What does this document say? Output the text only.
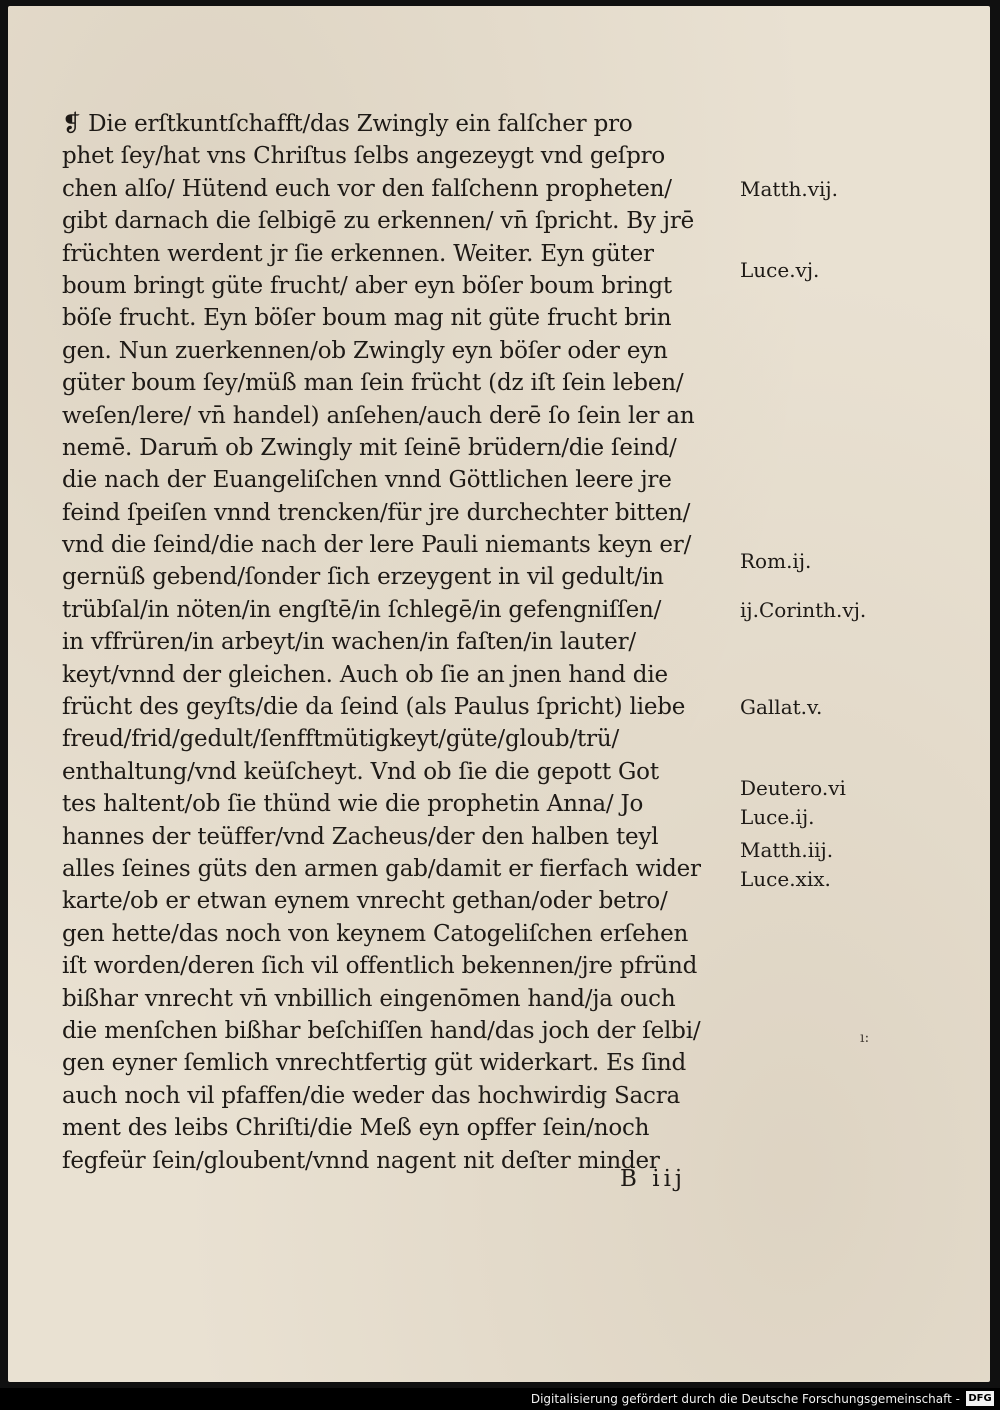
❡ Die erſtkuntſchafft/das Zwingly ein falſcher pro
phet ſey/hat vns Chriſtus ſelbs angezeygt vnd geſpro
chen alſo/ Hütend euch vor den falſchenn propheten/
gibt darnach die ſelbigē zu erkennen/ vn̄ ſpricht. By jrē
früchten werdent jr ſie erkennen. Weiter. Eyn güter
boum bringt güte frucht/ aber eyn böſer boum bringt
böſe frucht. Eyn böſer boum mag nit güte frucht brin
gen. Nun zuerkennen/ob Zwingly eyn böſer oder eyn
güter boum ſey/müß man ſein frücht (dz iſt ſein leben/
weſen/lere/ vn̄ handel) anſehen/auch derē ſo ſein ler an
nemē. Darum̄ ob Zwingly mit ſeinē brüdern/die ſeind/
die nach der Euangeliſchen vnnd Göttlichen leere jre
feind ſpeiſen vnnd trencken/für jre durchechter bitten/
vnd die ſeind/die nach der lere Pauli niemants keyn er/
gernüß gebend/ſonder ſich erzeygent in vil gedult/in
trübſal/in nöten/in engſtē/in ſchlegē/in gefengniſſen/
in vffrüren/in arbeyt/in wachen/in faſten/in lauter/
keyt/vnnd der gleichen. Auch ob ſie an jnen hand die
frücht des geyſts/die da ſeind (als Paulus ſpricht) liebe
freud/frid/gedult/ſenfftmütigkeyt/güte/gloub/trü/
enthaltung/vnd keüſcheyt. Vnd ob ſie die gepott Got
tes haltent/ob ſie thünd wie die prophetin Anna/ Jo
hannes der teüffer/vnd Zacheus/der den halben teyl
alles ſeines güts den armen gab/damit er fierfach wider
karte/ob er etwan eynem vnrecht gethan/oder betro/
gen hette/das noch von keynem Catogeliſchen erſehen
iſt worden/deren ſich vil offentlich bekennen/jre pfründ
bißhar vnrecht vn̄ vnbillich eingenōmen hand/ja ouch
die menſchen bißhar beſchiſſen hand/das joch der ſelbi/
gen eyner ſemlich vnrechtfertig güt widerkart. Es ſind
auch noch vil pfaffen/die weder das hochwirdig Sacra
ment des leibs Chriſti/die Meß eyn opffer ſein/noch
fegfeür ſein/gloubent/vnnd nagent nit deſter minder
Matth.vij.
Luce.vj.
Rom.ij.
ij.Corinth.vj.
Gallat.v.
Deutero.vi
Luce.ij.
Matth.iij.
Luce.xix.
B iij
ı:
Digitalisierung gefördert durch die Deutsche Forschungsgemeinschaft - DFG
